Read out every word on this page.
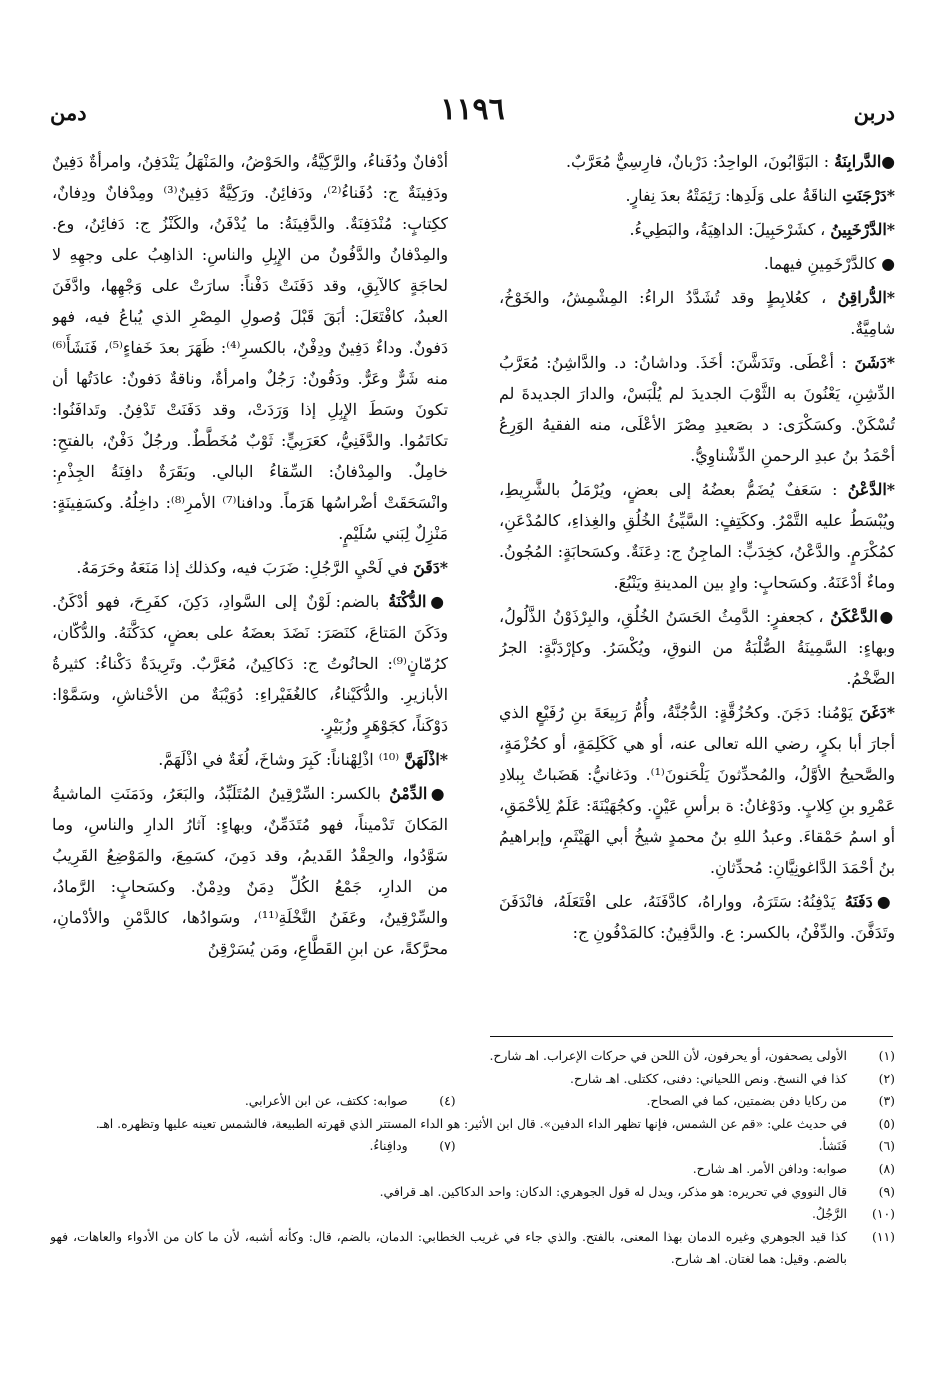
دربن
١١٩٦
دمن

●الدَّرابِنَةُ : البَوَّابُونَ، الواحِدُ: دَرْبانٌ، فارِسِيٌّ مُعَرَّبٌ.

*دَرْجَنَتِ الناقَةُ على وَلَدِها: رَئِمَتْهُ بعدَ نِفارٍ.

*الدَّرْخَبِينُ ، كشَرْحَبِيلَ: الداهِيَةُ، والبَطِيءُ.

● كالدَّرْخَمِينِ فيهما.

*الدُّراقِنُ ، كعُلابِطٍ وقد تُشَدَّدُ الراءُ: المِشْمِشُ، والخَوْخُ، شامِيَّةٌ.

*دَشَنَ : أعْطَى. وتَدَشَّنَ: أخَذَ. وداشانُ: د. والدَّاشِنُ: مُعَرَّبُ الدِّشِنِ، يَعْنُونَ به الثَّوْبَ الجديدَ لم يُلْبَسْ، والدارَ الجديدةَ لم تُسْكَنْ. وكسَكْرَى: د بصَعيدِ مِصْرَ الأعْلَى، منه الفقيهُ الوَرِعُ أحْمَدُ بنُ عبدِ الرحمنِ الدِّشْناوِيُّ.

*الدَّعْنُ : سَعَفٌ يُضَمُّ بعضُهُ إلى بعضٍ، ويُرْمَلُ بالشَّرِيطِ، ويُبْسَطُ عليه التَّمْرُ. وككَتِفٍ: السَّيِّئُ الخُلُقِ والغِذاءِ، كالمُدْعَنِ، كمُكْرَمٍ. والدَّعْنُ، كخِدَبٍّ: الماجِنُ ج: دِعَنَةٌ. وكسَحابَةٍ: المُجُونُ. وماءٌ أدْعَنَهُ. وكسَحابٍ: وادٍ بين المدينةِ ويَنْبُعَ.

●الدَّعْكَنُ ، كجعفرٍ: الدَّمِثُ الحَسَنُ الخُلُقِ، والبِرْذَوْنُ الذَّلُولُ، وبهاءٍ: السَّمِينَةُ الصُّلْبَةُ من النوقِ، ويُكْسَرُ. وكإرْدَبَّةٍ: الجرُ الضَّخْمُ.

*دَغَنَ يَوْمُنا: دَجَنَ. وكحُزُقَّةٍ: الدُّجُنَّةُ، وأُمُّ رَبِيعَةَ بنِ رُفَيْعٍ الذي أجارَ أبا بكرٍ، رضي الله تعالى عنه، أو هي كَكَلِمَةٍ، أو كحُزْمَةٍ، والصَّحيحُ الأوَّلُ، والمُحدِّثونَ يَلْحَنونَ⁽¹⁾. ودَغانيُّ: هَضَباتٌ بِبلادِ عَمْرِو بنِ كِلابٍ. ودَوْغانُ: ة برأسِ عَيْنٍ. وكجُهَيْنَةَ: عَلَمٌ لِلأحْمَقِ، أو اسمُ حَمْقاءَ. وعبدُ اللهِ بنُ محمدٍ شيخُ أبي الهَيْثَمِ، وإبراهيمُ بنُ أحْمَدَ الدَّاغونِيَّانِ: مُحدِّثانِ.

●دَفَنَهُ يَدْفِنُهُ: سَتَرَهُ، وواراهُ، كادَّفَنَهُ، على افْتَعَلَهُ، فانْدَفَنَ وتَدَفَّنَ. والدِّفْنُ، بالكسر: ع. والدَّفِينُ: كالمَدْفُونِ ج:

أدْفانٌ ودُفَناءُ، والرَّكِيَّةُ، والحَوْضُ، والمَنْهَلُ يَنْدَفِنُ، وامرأةٌ دَفِينٌ ودَفِينَةٌ ج: دُفَناءُ⁽²⁾، ودَفائِنُ. ورَكِيَّةٌ دَفِينٌ⁽³⁾ ومِدْفانٌ ودِفانٌ، ككِتابٍ: مُنْدَفِنَةٌ. والدَّفِينَةُ: ما يُدْفَنُ، والكَنْزُ ج: دَفائِنُ، وع. والمِدْفانُ والدَّفُونُ من الإِبِلِ والناسِ: الذاهِبُ على وجهِهِ لا لحاجَةٍ كالآبِقِ، وقد دَفَنَتْ دَفْناً: سارَتْ على وَجْهِها، وادَّفَنَ العبدُ، كافْتَعَلَ: أبَقَ قَبْلَ وُصولِ المِصْرِ الذي يُباعُ فيه، فهو دَفونٌ. وداءٌ دَفِينٌ ودِفْنٌ، بالكسرِ⁽⁴⁾: ظَهَرَ بعدَ خَفاءٍ⁽⁵⁾، فَنَشَأَ⁽⁶⁾ منه شَرٌّ وعَرٌّ. ودَفُونٌ: رَجُلٌ وامرأةٌ، وناقةٌ دَفونٌ: عادَتُها أن تكونَ وسَطَ الإِبِلِ إذا وَرَدَتْ، وقد دَفَنَتْ تَدْفِنُ. وتَدافَنُوا: تكاتَمُوا. والدَّفَنِيُّ، كعَرَبِيٍّ: ثَوْبٌ مُخَطَّطٌ. ورجُلٌ دَفْنٌ، بالفتحِ: خامِلٌ. والمِدْفانُ: السِّقاءُ البالي. وبَقَرَةٌ دافِنَةُ الجِذْمِ: وانْسَحَقَتْ أضْراسُها هَرَماً. ودافنا⁽⁷⁾ الأمرِ⁽⁸⁾: داخِلُهُ. وكسَفِينَةٍ: مَنْزِلٌ لِبَني سُلَيْمٍ.

*دَقَنَ في لَحْيِ الرَّجُلِ: ضَرَبَ فيه، وكذلك إذا مَنَعَهُ وحَرَمَهُ.

●الدُّكْنَةُ بالضم: لَوْنٌ إلى السَّوادِ، دَكِنَ، كفَرِحَ، فهو أدْكَنُ. ودَكَنَ المَتاعَ، كنَصَرَ: نَضَدَ بعضَهُ على بعضٍ، كدَكَّنَهُ. والدُّكّان، كرُمّانٍ⁽⁹⁾: الحانُوتُ ج: دَكاكِينُ، مُعَرَّبٌ. وتَرِيدَةٌ دَكْناءُ: كثيرةُ الأبازيرِ. والدُّكَيْناءُ، كالغُفَيْراءِ: دُوَيْبَةٌ من الأحْناشِ، وسَمَّوْا: دَوْكَناً، كجَوْهَرٍ وزُبَيْرٍ.

*اذْلَهَنَّ ⁽¹⁰⁾ اذْلِهْناناً: كَبِرَ وشاخَ، لُغَةٌ في اذْلَهَمَّ.

●الدِّمْنُ بالكسر: السِّرْقِينُ المُتَلَبِّدُ، والبَعَرُ، ودَمَنَتِ الماشيةُ المَكانَ تَدْميناً، فهو مُتَدَمِّنٌ، وبهاءٍ: آثارُ الدارِ والناسِ، وما سَوَّدُوا، والحِقْدُ القَديمُ، وقد دَمِنَ، كسَمِعَ، والمَوْضِعُ القَرِيبُ من الدارِ، جَمْعُ الكُلِّ دِمَنٌ ودِمْنٌ. وكسَحابٍ: الرَّمادُ، والسِّرْقِينُ، وعَفَنُ النَّخْلَةِ⁽¹¹⁾، وسَوادُها، كالدَّمْنِ والأدْمانِ، محرَّكةً، عن ابنِ القَطَّاعِ، ومَن يُسَرْقِنُ

(١)
الأولى يصحفون، أو يحرفون، لأن اللحن في حركات الإعراب. اهـ شارح.
(٢)
كذا في النسخ. ونص اللحياني: دفنى، ككتلى. اهـ شارح.
(٣)
من ركايا دفن بضمتين، كما في الصحاح.
(٤)
صوابه: ككتف، عن ابن الأعرابي.
(٥)
في حديث علي: «قم عن الشمس، فإنها تظهر الداء الدفين». قال ابن الأثير: هو الداء المستتر الذي قهرته الطبيعة، فالشمس تعينه عليها وتظهره. اهـ.
(٦)
فَنَشأ.
(٧)
ودافِناءُ.
(٨)
صوابه: ودافن الأمر. اهـ شارح.
(٩)
قال النووي في تحريره: هو مذكر، ويدل له قول الجوهري: الدكان: واحد الدكاكين. اهـ قرافي.
(١٠)
الرَّجُلُ.
(١١)
كذا قيد الجوهري وغيره الدمان بهذا المعنى، بالفتح. والذي جاء في غريب الخطابي: الدمان، بالضم، قال: وكأنه أشبه، لأن ما كان من الأدواء والعاهات، فهو بالضم. وقيل: هما لغتان. اهـ شارح.
